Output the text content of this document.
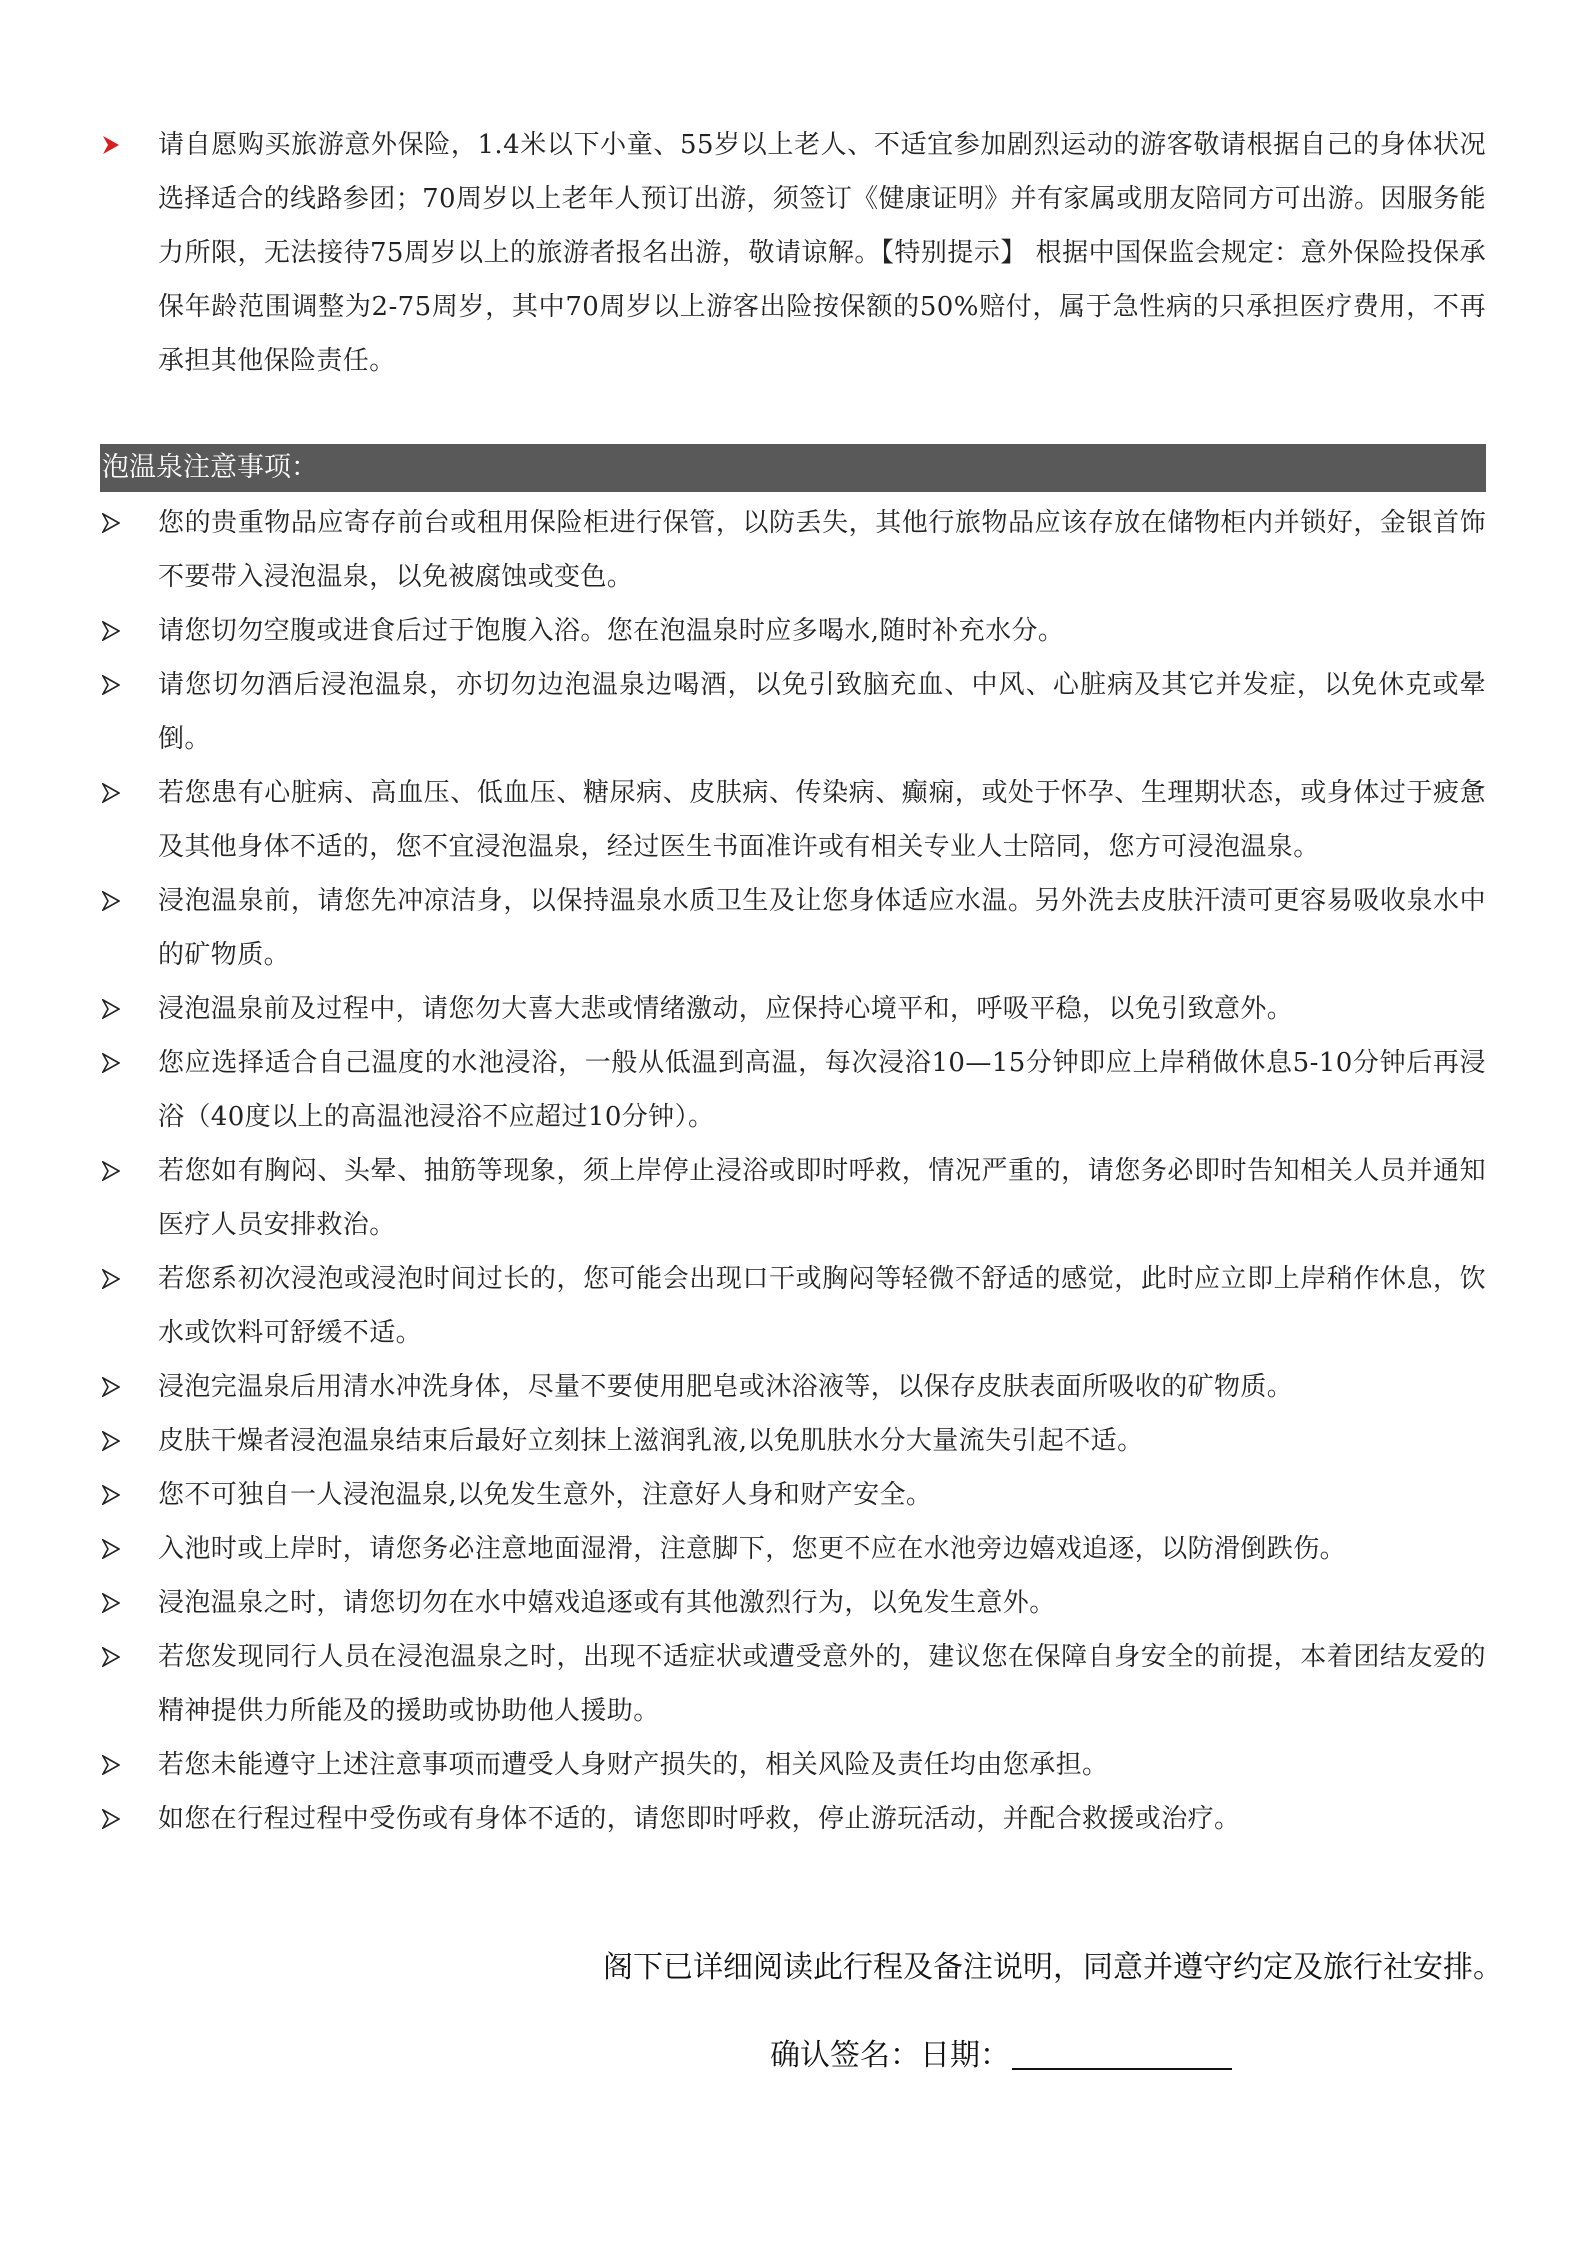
请自愿购买旅游意外保险，1.4米以下小童、55岁以上老人、不适宜参加剧烈运动的游客敬请根据自己的身体状况选择适合的线路参团；70周岁以上老年人预订出游，须签订《健康证明》并有家属或朋友陪同方可出游。因服务能力所限，无法接待75周岁以上的旅游者报名出游，敬请谅解。【特别提示】 根据中国保监会规定：意外保险投保承保年龄范围调整为2-75周岁，其中70周岁以上游客出险按保额的50%赔付，属于急性病的只承担医疗费用，不再承担其他保险责任。
泡温泉注意事项：
您的贵重物品应寄存前台或租用保险柜进行保管，以防丢失，其他行旅物品应该存放在储物柜内并锁好，金银首饰不要带入浸泡温泉，以免被腐蚀或变色。
请您切勿空腹或进食后过于饱腹入浴。您在泡温泉时应多喝水,随时补充水分。
请您切勿酒后浸泡温泉，亦切勿边泡温泉边喝酒，以免引致脑充血、中风、心脏病及其它并发症，以免休克或晕倒。
若您患有心脏病、高血压、低血压、糖尿病、皮肤病、传染病、癫痫，或处于怀孕、生理期状态，或身体过于疲惫及其他身体不适的，您不宜浸泡温泉，经过医生书面准许或有相关专业人士陪同，您方可浸泡温泉。
浸泡温泉前，请您先冲凉洁身，以保持温泉水质卫生及让您身体适应水温。另外洗去皮肤汗渍可更容易吸收泉水中的矿物质。
浸泡温泉前及过程中，请您勿大喜大悲或情绪激动，应保持心境平和，呼吸平稳，以免引致意外。
您应选择适合自己温度的水池浸浴，一般从低温到高温，每次浸浴10—15分钟即应上岸稍做休息5-10分钟后再浸浴（40度以上的高温池浸浴不应超过10分钟）。
若您如有胸闷、头晕、抽筋等现象，须上岸停止浸浴或即时呼救，情况严重的，请您务必即时告知相关人员并通知医疗人员安排救治。
若您系初次浸泡或浸泡时间过长的，您可能会出现口干或胸闷等轻微不舒适的感觉，此时应立即上岸稍作休息，饮水或饮料可舒缓不适。
浸泡完温泉后用清水冲洗身体，尽量不要使用肥皂或沐浴液等，以保存皮肤表面所吸收的矿物质。
皮肤干燥者浸泡温泉结束后最好立刻抹上滋润乳液,以免肌肤水分大量流失引起不适。
您不可独自一人浸泡温泉,以免发生意外，注意好人身和财产安全。
入池时或上岸时，请您务必注意地面湿滑，注意脚下，您更不应在水池旁边嬉戏追逐，以防滑倒跌伤。
浸泡温泉之时，请您切勿在水中嬉戏追逐或有其他激烈行为，以免发生意外。
若您发现同行人员在浸泡温泉之时，出现不适症状或遭受意外的，建议您在保障自身安全的前提，本着团结友爱的精神提供力所能及的援助或协助他人援助。
若您未能遵守上述注意事项而遭受人身财产损失的，相关风险及责任均由您承担。
如您在行程过程中受伤或有身体不适的，请您即时呼救，停止游玩活动，并配合救援或治疗。
阁下已详细阅读此行程及备注说明，同意并遵守约定及旅行社安排。
确认签名：日期：
